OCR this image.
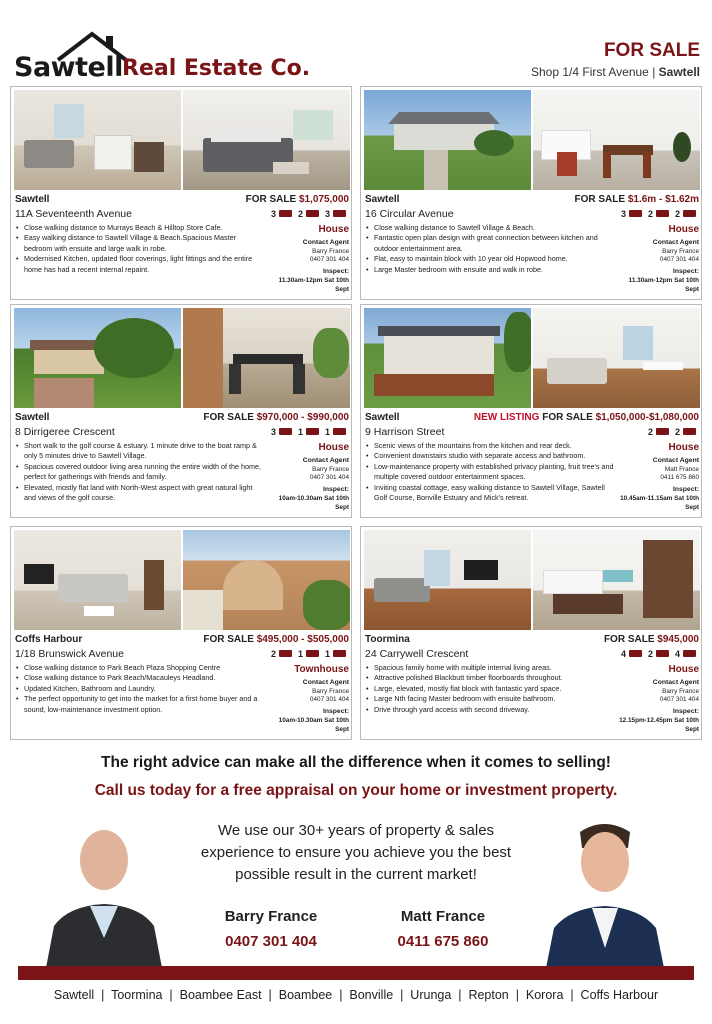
Sawtell Real Estate Co.
FOR SALE
Shop 1/4 First Avenue | Sawtell
Sawtell	FOR SALE $1,075,000
11A Seventeenth Avenue	3 2 3
• Close walking distance to Murrays Beach & Hilltop Store Cafe.
• Easy walking distance to Sawtell Village & Beach.Spacious Master bedroom with ensuite and large walk in robe.
• Modernised Kitchen, updated floor coverings, light fittings and the entire home has had a recent internal repaint.
House
Contact Agent
Barry France
0407 301 404
Inspect:
11.30am-12pm Sat 10th Sept
Sawtell	FOR SALE $1.6m - $1.62m
16 Circular Avenue	3 2 2
• Close walking distance to Sawtell Village & Beach.
• Fantastic open plan design with great connection between kitchen and outdoor entertainment area.
• Flat, easy to maintain block with 10 year old Hopwood home.
• Large Master bedroom with ensuite and walk in robe.
House
Contact Agent
Barry France
0407 301 404
Inspect:
11.30am-12pm Sat 10th Sept
Sawtell	FOR SALE $970,000 - $990,000
8 Dirrigeree Crescent	3 1 1
• Short walk to the golf course & estuary. 1 minute drive to the boat ramp & only 5 minutes drive to Sawtell Village.
• Spacious covered outdoor living area running the entire width of the home, perfect for gatherings with friends and family.
• Elevated, mostly flat land with North-West aspect with great natural light and views of the golf course.
House
Contact Agent
Barry France
0407 301 404
Inspect:
10am-10.30am Sat 10th Sept
Sawtell	NEW LISTING FOR SALE $1,050,000-$1,080,000
9 Harrison Street	2 2
• Scenic views of the mountains from the kitchen and rear deck.
• Convenient downstairs studio with separate access and bathroom.
• Low-maintenance property with established privacy planting, fruit tree's and multiple covered outdoor entertainment spaces.
• Inviting coastal cottage, easy walking distance to Sawtell Village, Sawtell Golf Course, Bonville Estuary and Mick's retreat.
House
Contact Agent
Matt France
0411 675 860
Inspect:
10.45am-11.15am Sat 10th Sept
Coffs Harbour	FOR SALE $495,000 - $505,000
1/18 Brunswick Avenue	2 1 1
• Close walking distance to Park Beach Plaza Shopping Centre
• Close walking distance to Park Beach/Macauleys Headland.
• Updated Kitchen, Bathroom and Laundry.
• The perfect opportunity to get into the market for a first home buyer and a sound, low-maintenance investment option.
Townhouse
Contact Agent
Barry France
0407 301 404
Inspect:
10am-10.30am Sat 10th Sept
Toormina	FOR SALE $945,000
24 Carrywell Crescent	4 2 4
• Spacious family home with multiple internal living areas.
• Attractive polished Blackbutt timber floorboards throughout.
• Large, elevated, mostly flat block with fantastic yard space.
• Large Nth facing Master bedroom with ensuite bathroom.
• Drive through yard access with second driveway.
House
Contact Agent
Barry France
0407 301 404
Inspect:
12.15pm-12.45pm Sat 10th Sept
The right advice can make all the difference when it comes to selling!
Call us today for a free appraisal on your home or investment property.
We use our 30+ years of property & sales experience to ensure you achieve you the best possible result in the current market!
Barry France
0407 301 404
Matt France
0411 675 860
Sawtell  |  Toormina  |  Boambee East  |  Boambee  |  Bonville  |  Urunga  |  Repton  |  Korora  |  Coffs Harbour
